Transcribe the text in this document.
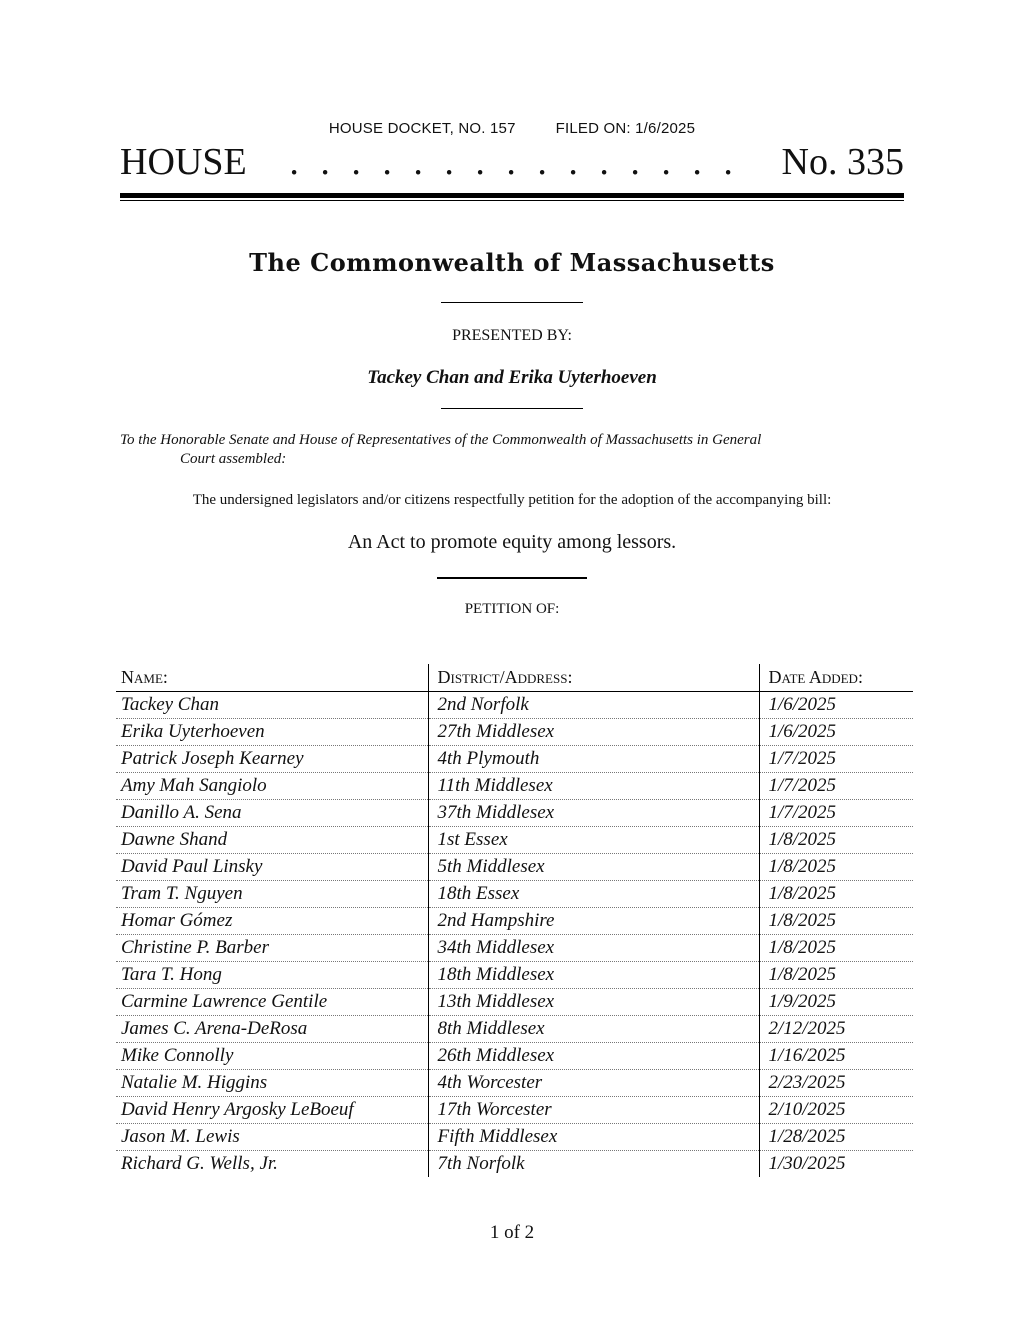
HOUSE DOCKET, NO. 157	FILED ON: 1/6/2025
HOUSE	. . . . . . . . . . . . . . .	No. 335
The Commonwealth of Massachusetts
PRESENTED BY:
Tackey Chan and Erika Uyterhoeven
To the Honorable Senate and House of Representatives of the Commonwealth of Massachusetts in General
Court assembled:
The undersigned legislators and/or citizens respectfully petition for the adoption of the accompanying bill:
An Act to promote equity among lessors.
PETITION OF:
Name:	District/Address:	Date Added:
Tackey Chan	2nd Norfolk	1/6/2025
Erika Uyterhoeven	27th Middlesex	1/6/2025
Patrick Joseph Kearney	4th Plymouth	1/7/2025
Amy Mah Sangiolo	11th Middlesex	1/7/2025
Danillo A. Sena	37th Middlesex	1/7/2025
Dawne Shand	1st Essex	1/8/2025
David Paul Linsky	5th Middlesex	1/8/2025
Tram T. Nguyen	18th Essex	1/8/2025
Homar Gómez	2nd Hampshire	1/8/2025
Christine P. Barber	34th Middlesex	1/8/2025
Tara T. Hong	18th Middlesex	1/8/2025
Carmine Lawrence Gentile	13th Middlesex	1/9/2025
James C. Arena-DeRosa	8th Middlesex	2/12/2025
Mike Connolly	26th Middlesex	1/16/2025
Natalie M. Higgins	4th Worcester	2/23/2025
David Henry Argosky LeBoeuf	17th Worcester	2/10/2025
Jason M. Lewis	Fifth Middlesex	1/28/2025
Richard G. Wells, Jr.	7th Norfolk	1/30/2025
1 of 2
